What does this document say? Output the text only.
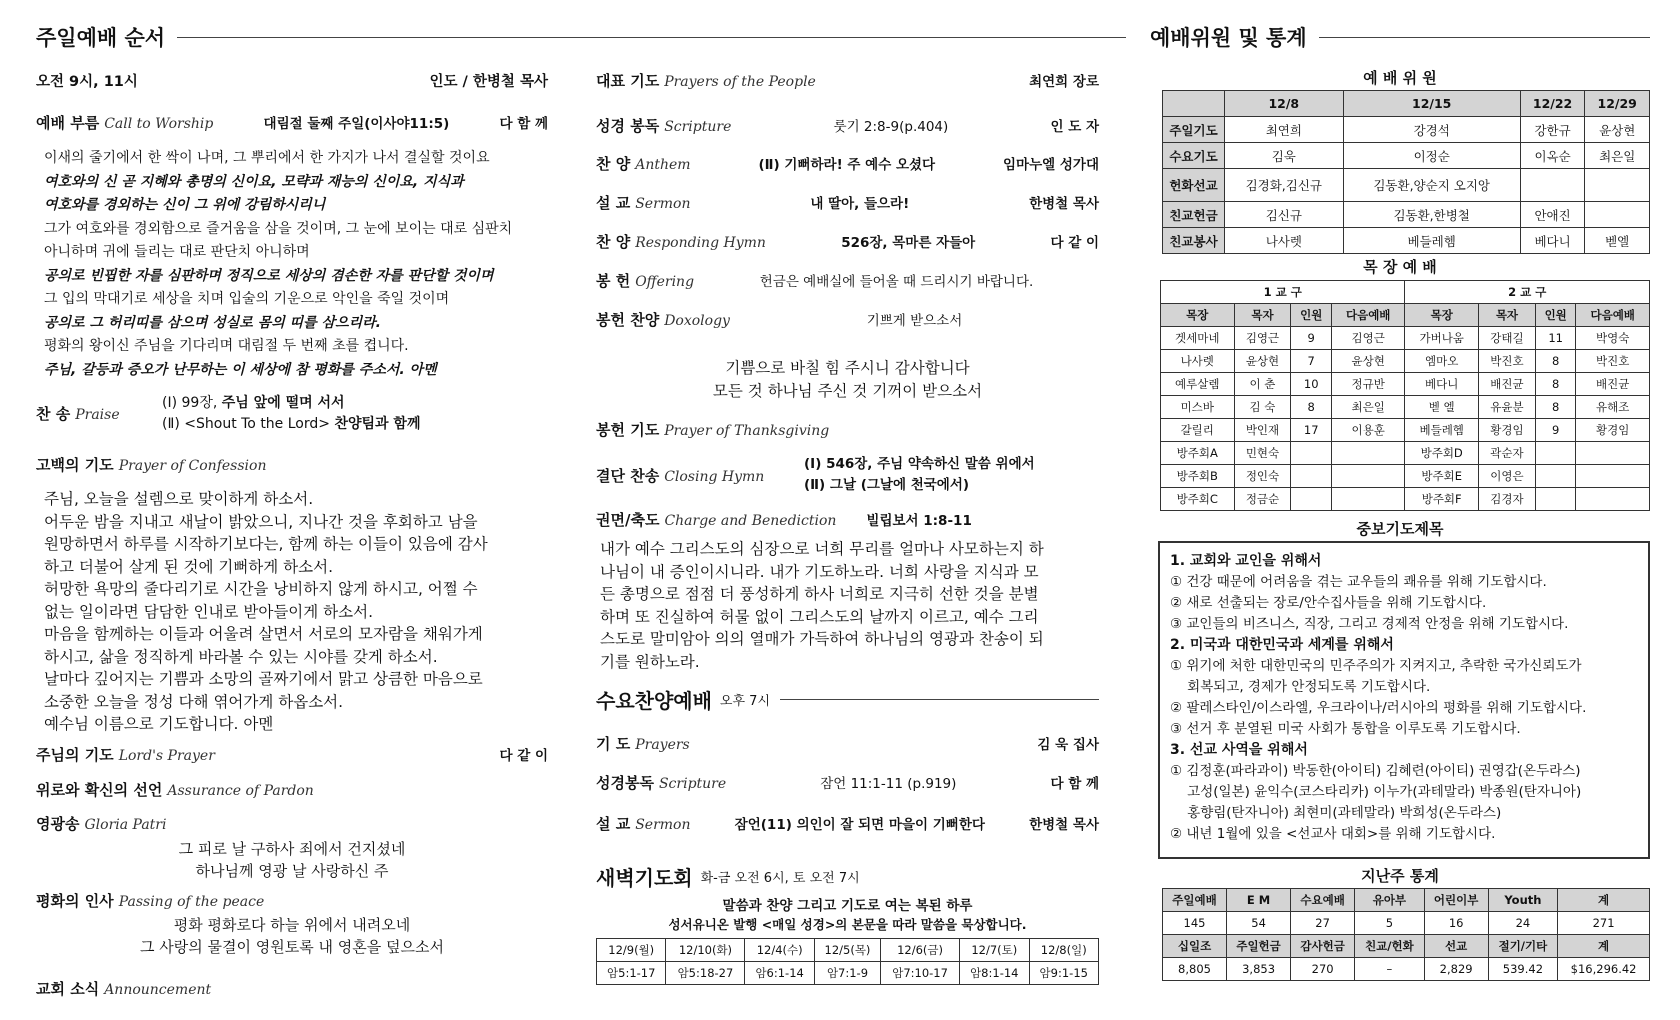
주일예배 순서
오전 9시, 11시	인도 / 한병철 목사
예배 부름 Call to Worship	대림절 둘째 주일(이사야11:5)	다 함 께
이새의 줄기에서 한 싹이 나며, 그 뿌리에서 한 가지가 나서 결실할 것이요
여호와의 신 곧 지혜와 총명의 신이요, 모략과 재능의 신이요, 지식과
여호와를 경외하는 신이 그 위에 강림하시리니
그가 여호와를 경외함으로 즐거움을 삼을 것이며, 그 눈에 보이는 대로 심판치
아니하며 귀에 들리는 대로 판단치 아니하며
공의로 빈핍한 자를 심판하며 정직으로 세상의 겸손한 자를 판단할 것이며
그 입의 막대기로 세상을 치며 입술의 기운으로 악인을 죽일 것이며
공의로 그 허리띠를 삼으며 성실로 몸의 띠를 삼으리라.
평화의 왕이신 주님을 기다리며 대림절 두 번째 초를 켭니다.
주님, 갈등과 증오가 난무하는 이 세상에 참 평화를 주소서. 아멘
찬 송 Praise
(Ⅰ) 99장, 주님 앞에 떨며 서서
(Ⅱ) <Shout To the Lord> 찬양팀과 함께
고백의 기도 Prayer of Confession
주님, 오늘을 설렘으로 맞이하게 하소서.
어두운 밤을 지내고 새날이 밝았으니, 지나간 것을 후회하고 남을
원망하면서 하루를 시작하기보다는, 함께 하는 이들이 있음에 감사
하고 더불어 살게 된 것에 기뻐하게 하소서.
허망한 욕망의 줄다리기로 시간을 낭비하지 않게 하시고, 어쩔 수
없는 일이라면 담담한 인내로 받아들이게 하소서.
마음을 함께하는 이들과 어울려 살면서 서로의 모자람을 채워가게
하시고, 삶을 정직하게 바라볼 수 있는 시야를 갖게 하소서.
날마다 깊어지는 기쁨과 소망의 골짜기에서 맑고 상큼한 마음으로
소중한 오늘을 정성 다해 엮어가게 하옵소서.
예수님 이름으로 기도합니다. 아멘
주님의 기도 Lord's Prayer	다 같 이
위로와 확신의 선언 Assurance of Pardon
영광송 Gloria Patri
그 피로 날 구하사 죄에서 건지셨네
하나님께 영광 날 사랑하신 주
평화의 인사 Passing of the peace
평화 평화로다 하늘 위에서 내려오네
그 사랑의 물결이 영원토록 내 영혼을 덮으소서
교회 소식 Announcement
대표 기도 Prayers of the People	최연희 장로
성경 봉독 Scripture	룻기 2:8-9(p.404)	인 도 자
찬 양 Anthem	(Ⅱ) 기뻐하라! 주 예수 오셨다	임마누엘 성가대
설 교 Sermon	내 딸아, 들으라!	한병철 목사
찬 양 Responding Hymn	526장, 목마른 자들아	다 같 이
봉 헌 Offering	헌금은 예배실에 들어올 때 드리시기 바랍니다.
봉헌 찬양 Doxology	기쁘게 받으소서
기쁨으로 바칠 힘 주시니 감사합니다
모든 것 하나님 주신 것 기꺼이 받으소서
봉헌 기도 Prayer of Thanksgiving
결단 찬송 Closing Hymn
(Ⅰ) 546장, 주님 약속하신 말씀 위에서
(Ⅱ) 그날 (그날에 천국에서)
권면/축도 Charge and Benediction 빌립보서 1:8-11
내가 예수 그리스도의 심장으로 너희 무리를 얼마나 사모하는지 하
나님이 내 증인이시니라. 내가 기도하노라. 너희 사랑을 지식과 모
든 총명으로 점점 더 풍성하게 하사 너희로 지극히 선한 것을 분별
하며 또 진실하여 허물 없이 그리스도의 날까지 이르고, 예수 그리
스도로 말미암아 의의 열매가 가득하여 하나님의 영광과 찬송이 되
기를 원하노라.
수요찬양예배 오후 7시
기 도 Prayers	김 욱 집사
성경봉독 Scripture	잠언 11:1-11 (p.919)	다 함 께
설 교 Sermon	잠언(11) 의인이 잘 되면 마을이 기뻐한다	한병철 목사
새벽기도회 화-금 오전 6시, 토 오전 7시
말씀과 찬양 그리고 기도로 여는 복된 하루
성서유니온 발행 <매일 성경>의 본문을 따라 말씀을 묵상합니다.
12/9(월)	12/10(화)	12/4(수)	12/5(목)	12/6(금)	12/7(토)	12/8(일)
암5:1-17	암5:18-27	암6:1-14	암7:1-9	암7:10-17	암8:1-14	암9:1-15
예배위원 및 통계
예 배 위 원
	12/8	12/15	12/22	12/29
주일기도	최연희	강경석	강한규	윤상현
수요기도	김욱	이정순	이옥순	최은일
헌화선교	김경화,김신규	김동환,양순지 오지앙		
친교헌금	김신규	김동환,한병철	안애진	
친교봉사	나사렛	베들레헴	베다니	벧엘
목 장 예 배
1 교 구				2 교 구			
목장	목자	인원	다음예배	목장	목자	인원	다음예배
겟세마네	김영근	9	김영근	가버나움	강태길	11	박영숙
나사렛	윤상현	7	윤상현	엠마오	박진호	8	박진호
예루살렘	이 춘	10	정규반	베다니	배진균	8	배진균
미스바	김 숙	8	최은일	벧 엘	유윤분	8	유해조
갈릴리	박인재	17	이용훈	베들레헴	황경임	9	황경임
방주회A	민현숙			방주회D	곽순자		
방주회B	정인숙			방주회E	이영은		
방주회C	정금순			방주회F	김경자		
중보기도제목
1. 교회와 교인을 위해서
① 건강 때문에 어려움을 겪는 교우들의 쾌유를 위해 기도합시다.
② 새로 선출되는 장로/안수집사들을 위해 기도합시다.
③ 교인들의 비즈니스, 직장, 그리고 경제적 안정을 위해 기도합시다.
2. 미국과 대한민국과 세계를 위해서
① 위기에 처한 대한민국의 민주주의가 지켜지고, 추락한 국가신뢰도가
회복되고, 경제가 안정되도록 기도합시다.
② 팔레스타인/이스라엘, 우크라이나/러시아의 평화를 위해 기도합시다.
③ 선거 후 분열된 미국 사회가 통합을 이루도록 기도합시다.
3. 선교 사역을 위해서
① 김정훈(파라과이) 박동한(아이티) 김혜련(아이티) 권영갑(온두라스)
고성(일본) 윤익수(코스타리카) 이누가(과테말라) 박종원(탄자니아)
홍향림(탄자니아) 최현미(과테말라) 박희성(온두라스)
② 내년 1월에 있을 <선교사 대회>를 위해 기도합시다.
지난주 통계
주일예배	E M	수요예배	유아부	어린이부	Youth	계
145	54	27	5	16	24	271
십일조	주일헌금	감사헌금	친교/헌화	선교	절기/기타	계
8,805	3,853	270	–	2,829	539.42	$16,296.42
